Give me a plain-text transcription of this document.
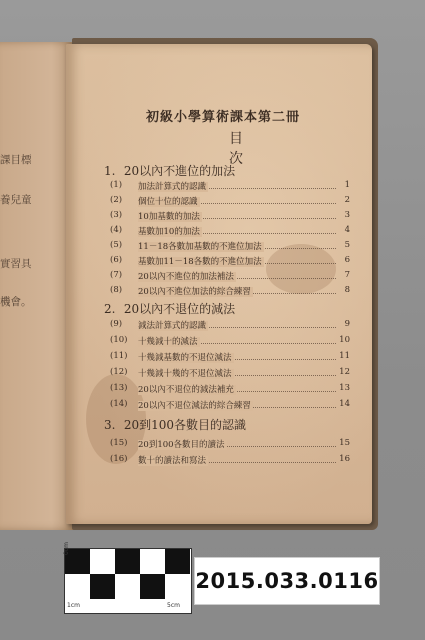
課目標
養兒童
實習具
機會。
初級小學算術課本第二冊
目 次
1. 20以內不進位的加法
(1)	加法計算式的認識	1
(2)	個位十位的認識	2
(3)	10加基數的加法	3
(4)	基數加10的加法	4
(5)	11－18各數加基數的不進位加法	5
(6)	基數加11－18各數的不進位加法	6
(7)	20以內不進位的加法補法	7
(8)	20以內不進位加法的綜合練習	8
2. 20以內不退位的減法
(9)	減法計算式的認識	9
(10)	十幾減十的減法	10
(11)	十幾減基數的不退位減法	11
(12)	十幾減十幾的不退位減法	12
(13)	20以內不退位的減法補充	13
(14)	20以內不退位減法的綜合練習	14
3. 20到100各數目的認識
(15)	20到100各數目的讀法	15
(16)	數十的讀法和寫法	16
0cm
1cm	5cm
2015.033.0116
